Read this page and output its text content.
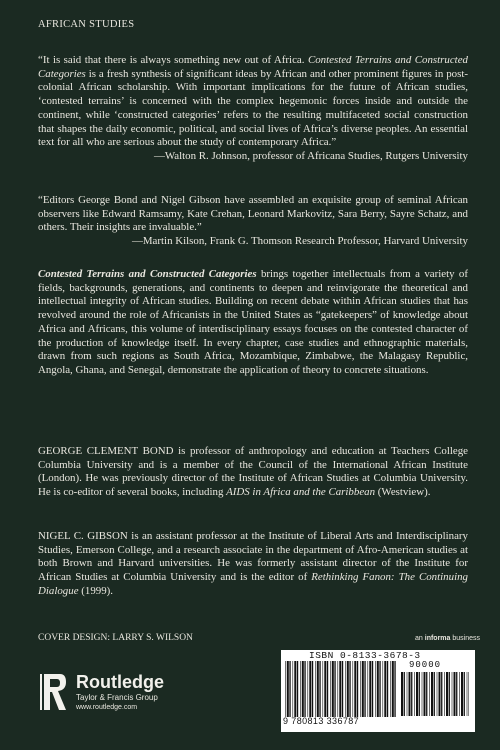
AFRICAN STUDIES

“It is said that there is always something new out of Africa. Contested Terrains and Constructed Categories is a fresh synthesis of significant ideas by African and other prominent figures in post-colonial African scholarship. With important implications for the future of African studies, ‘contested terrains’ is concerned with the complex hegemonic forces inside and outside the continent, while ‘constructed categories’ refers to the resulting multifaceted social construction that shapes the daily economic, political, and social lives of Africa’s diverse peoples. An essential text for all who are serious about the study of contemporary Africa.”

—Walton R. Johnson, professor of Africana Studies, Rutgers University

“Editors George Bond and Nigel Gibson have assembled an exquisite group of seminal African observers like Edward Ramsamy, Kate Crehan, Leonard Markovitz, Sara Berry, Sayre Schatz, and others. Their insights are invaluable.”

—Martin Kilson, Frank G. Thomson Research Professor, Harvard University

Contested Terrains and Constructed Categories brings together intellectuals from a variety of fields, backgrounds, generations, and continents to deepen and reinvigorate the theoretical and intellectual integrity of African studies. Building on recent debate within African studies that has revolved around the role of Africanists in the United States as “gatekeepers” of knowledge about Africa and Africans, this volume of interdisciplinary essays focuses on the contested character of the production of knowledge itself. In every chapter, case studies and ethnographic materials, drawn from such regions as South Africa, Mozambique, Zimbabwe, the Malagasy Republic, Angola, Ghana, and Senegal, demonstrate the application of theory to concrete situations.

GEORGE CLEMENT BOND is professor of anthropology and education at Teachers College Columbia University and is a member of the Council of the International African Institute (London). He was previously director of the Institute of African Studies at Columbia University. He is co-editor of several books, including AIDS in Africa and the Caribbean (Westview).

NIGEL C. GIBSON is an assistant professor at the Institute of Liberal Arts and Interdisciplinary Studies, Emerson College, and a research associate in the department of Afro-American studies at both Brown and Harvard universities. He was formerly assistant director of the Institute for African Studies at Columbia University and is the editor of Rethinking Fanon: The Continuing Dialogue (1999).

COVER DESIGN: LARRY S. WILSON	an informa business
Routledge
Taylor & Francis Group
www.routledge.com
ISBN 0-8133-3678-3
90000
9 780813 336787
